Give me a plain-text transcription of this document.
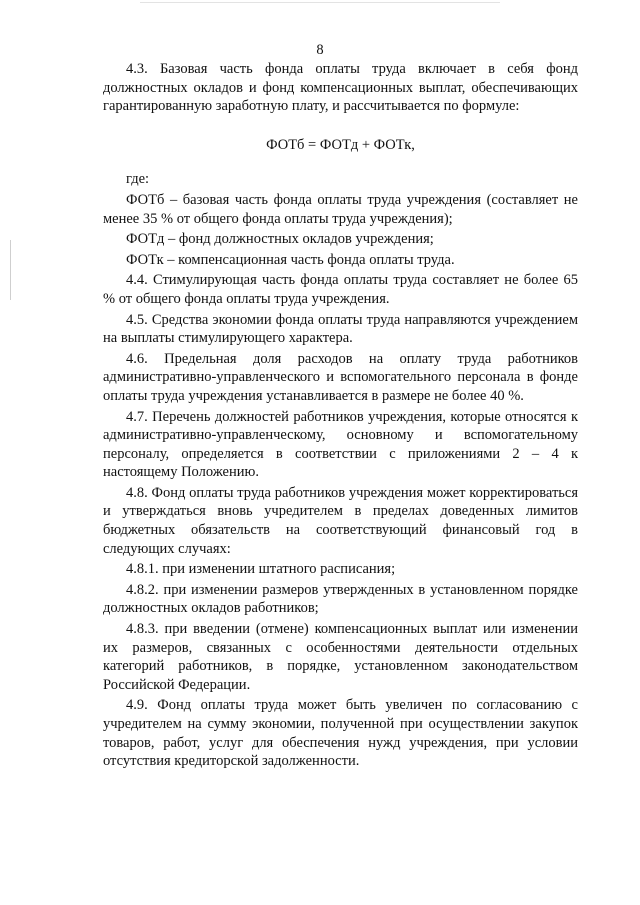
8

4.3. Базовая часть фонда оплаты труда включает в себя фонд должностных окладов и фонд компенсационных выплат, обеспечивающих гарантированную заработную плату, и рассчитывается по формуле:

ФОТб = ФОТд + ФОТк,

где:

ФОТб – базовая часть фонда оплаты труда учреждения (составляет не менее 35 % от общего фонда оплаты труда учреждения);

ФОТд – фонд должностных окладов учреждения;

ФОТк – компенсационная часть фонда оплаты труда.

4.4. Стимулирующая часть фонда оплаты труда составляет не более 65 % от общего фонда оплаты труда учреждения.

4.5. Средства экономии фонда оплаты труда направляются учреждением на выплаты стимулирующего характера.

4.6. Предельная доля расходов на оплату труда работников административно-управленческого и вспомогательного персонала в фонде оплаты труда учреждения устанавливается в размере не более 40 %.

4.7. Перечень должностей работников учреждения, которые относятся к административно-управленческому, основному и вспомогательному персоналу, определяется в соответствии с приложениями 2 – 4 к настоящему Положению.

4.8. Фонд оплаты труда работников учреждения может корректироваться и утверждаться вновь учредителем в пределах доведенных лимитов бюджетных обязательств на соответствующий финансовый год в следующих случаях:

4.8.1. при изменении штатного расписания;

4.8.2. при изменении размеров утвержденных в установленном порядке должностных окладов работников;

4.8.3. при введении (отмене) компенсационных выплат или изменении их размеров, связанных с особенностями деятельности отдельных категорий работников, в порядке, установленном законодательством Российской Федерации.

4.9. Фонд оплаты труда может быть увеличен по согласованию с учредителем на сумму экономии, полученной при осуществлении закупок товаров, работ, услуг для обеспечения нужд учреждения, при условии отсутствия кредиторской задолженности.
